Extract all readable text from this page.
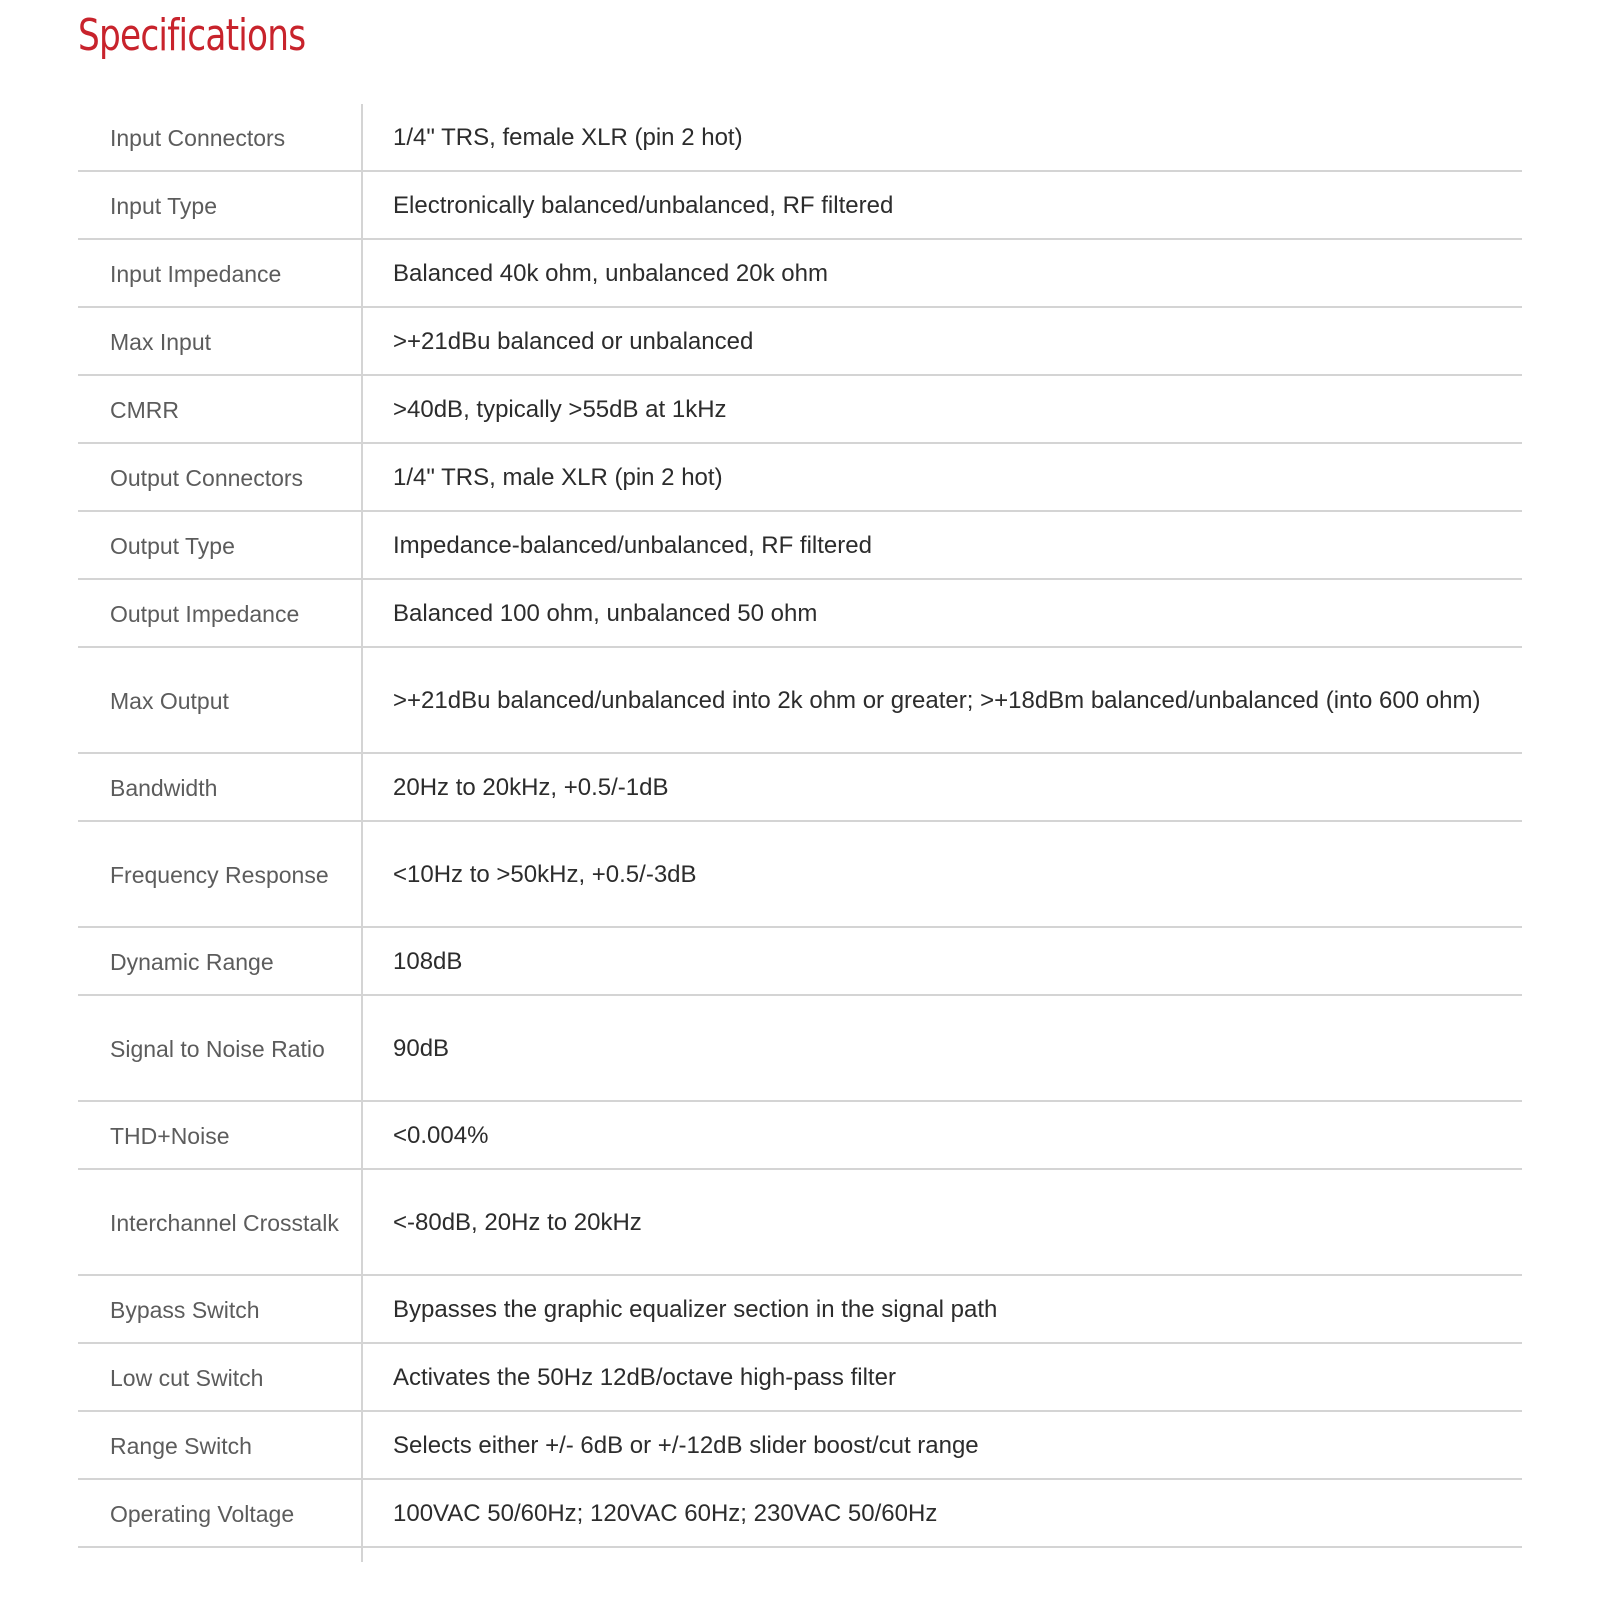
Specifications
Input Connectors	1/4" TRS, female XLR (pin 2 hot)

Input Type	Electronically balanced/unbalanced, RF filtered

Input Impedance	Balanced 40k ohm, unbalanced 20k ohm

Max Input	>+21dBu balanced or unbalanced

CMRR	>40dB, typically >55dB at 1kHz

Output Connectors	1/4" TRS, male XLR (pin 2 hot)

Output Type	Impedance-balanced/unbalanced, RF filtered

Output Impedance	Balanced 100 ohm, unbalanced 50 ohm

Max Output	>+21dBu balanced/unbalanced into 2k ohm or greater; >+18dBm balanced/unbalanced (into 600 ohm)

Bandwidth	20Hz to 20kHz, +0.5/-1dB

Frequency Response	<10Hz to >50kHz, +0.5/-3dB

Dynamic Range	108dB

Signal to Noise Ratio	90dB

THD+Noise	<0.004%

Interchannel Crosstalk	<-80dB, 20Hz to 20kHz

Bypass Switch	Bypasses the graphic equalizer section in the signal path

Low cut Switch	Activates the 50Hz 12dB/octave high-pass filter

Range Switch	Selects either +/- 6dB or +/-12dB slider boost/cut range

Operating Voltage	100VAC 50/60Hz; 120VAC 60Hz; 230VAC 50/60Hz
